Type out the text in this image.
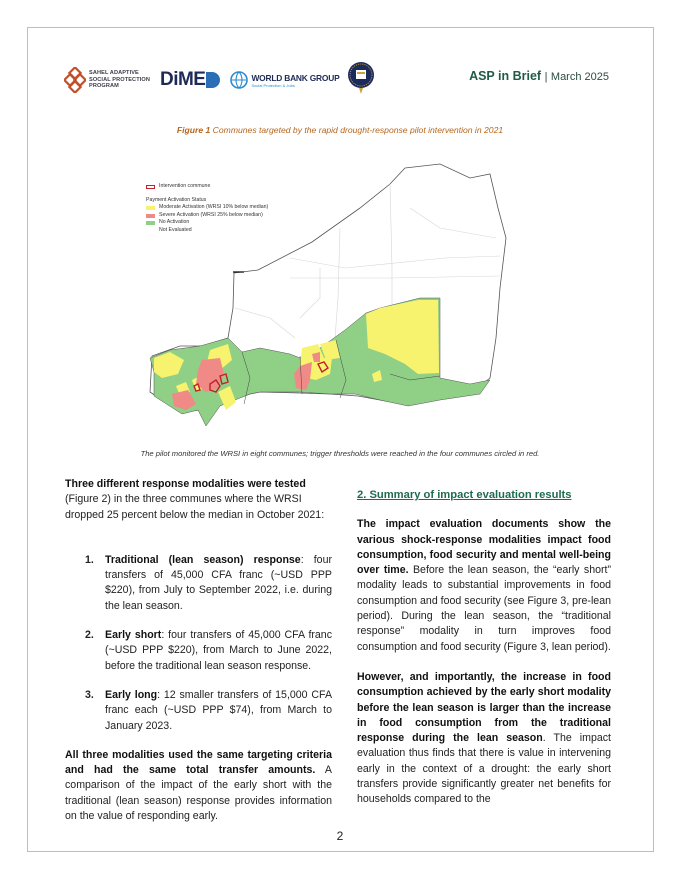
SAHEL ADAPTIVE
SOCIAL PROTECTION
PROGRAM	DiME	WORLD BANK GROUP
Social Protection & Jobs
ASP in Brief | March 2025
Figure 1 Communes targeted by the rapid drought-response pilot intervention in 2021
Intervention commune
Payment Activation Status
Moderate Activation (WRSI 10% below median)
Severe Activation (WRSI 25% below median)
No Activation
Not Evaluated
The pilot monitored the WRSI in eight communes; trigger thresholds were reached in the four communes circled in red.

Three different response modalities were tested (Figure 2) in the three communes where the WRSI dropped 25 percent below the median in October 2021:

1.	Traditional (lean season) response: four transfers of 45,000 CFA franc (~USD PPP $220), from July to September 2022, i.e. during the lean season.
2.	Early short: four transfers of 45,000 CFA franc (~USD PPP $220), from March to June 2022, before the traditional lean season response.
3.	Early long: 12 smaller transfers of 15,000 CFA franc each (~USD PPP $74), from March to January 2023.

All three modalities used the same targeting criteria and had the same total transfer amounts. A comparison of the impact of the early short with the traditional (lean season) response provides information on the value of responding early.

2. Summary of impact evaluation results

The impact evaluation documents show the various shock-response modalities impact food consumption, food security and mental well-being over time. Before the lean season, the “early short” modality leads to substantial improvements in food consumption and food security (see Figure 3, pre-lean period). During the lean season, the “traditional response” modality in turn improves food consumption and food security (Figure 3, lean period).

However, and importantly, the increase in food consumption achieved by the early short modality before the lean season is larger than the increase in food consumption from the traditional response during the lean season. The impact evaluation thus finds that there is value in intervening early in the context of a drought: the early short transfers provide significantly greater net benefits for households compared to the

2
